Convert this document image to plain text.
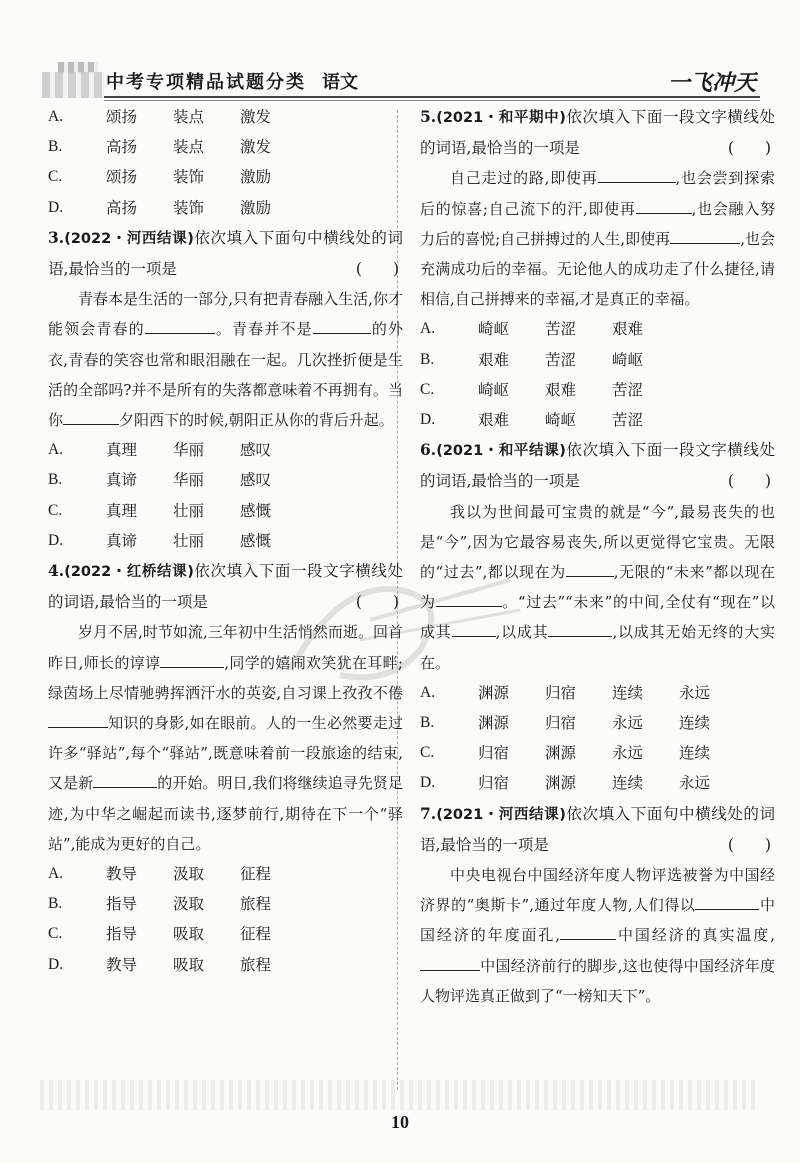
中考专项精品试题分类 语文	一飞冲天
A.	颂扬	装点	激发
B.	高扬	装点	激发
C.	颂扬	装饰	激励
D.	高扬	装饰	激励
3.(2022・河西结课)依次填入下面句中横线处的词语,最恰当的一项是	(　　)
青春本是生活的一部分,只有把青春融入生活,你才能领会青春的	。青春并不是	的外衣,青春的笑容也常和眼泪融在一起。几次挫折便是生活的全部吗?并不是所有的失落都意味着不再拥有。当你	夕阳西下的时候,朝阳正从你的背后升起。
A.	真理	华丽	感叹
B.	真谛	华丽	感叹
C.	真理	壮丽	感慨
D.	真谛	壮丽	感慨
4.(2022・红桥结课)依次填入下面一段文字横线处的词语,最恰当的一项是	(　　)
岁月不居,时节如流,三年初中生活悄然而逝。回首昨日,师长的谆谆	,同学的嬉闹欢笑犹在耳畔;绿茵场上尽情驰骋挥洒汗水的英姿,自习课上孜孜不倦知识的身影,如在眼前。人的一生必然要走过许多“驿站”,每个“驿站”,既意味着前一段旅途的结束,又是新	的开始。明日,我们将继续追寻先贤足迹,为中华之崛起而读书,逐梦前行,期待在下一个“驿站”,能成为更好的自己。
A.	教导	汲取	征程
B.	指导	汲取	旅程
C.	指导	吸取	征程
D.	教导	吸取	旅程
5.(2021・和平期中)依次填入下面一段文字横线处的词语,最恰当的一项是	(　　)
自己走过的路,即使再	,也会尝到探索后的惊喜;自己流下的汗,即使再	,也会融入努力后的喜悦;自己拼搏过的人生,即使再	,也会充满成功后的幸福。无论他人的成功走了什么捷径,请相信,自己拼搏来的幸福,才是真正的幸福。
A.	崎岖	苦涩	艰难
B.	艰难	苦涩	崎岖
C.	崎岖	艰难	苦涩
D.	艰难	崎岖	苦涩
6.(2021・和平结课)依次填入下面一段文字横线处的词语,最恰当的一项是	(　　)
我以为世间最可宝贵的就是“今”,最易丧失的也是“今”,因为它最容易丧失,所以更觉得它宝贵。无限的“过去”,都以现在为	,无限的“未来”都以现在为	。“过去”“未来”的中间,全仗有“现在”以成其	,以成其	,以成其无始无终的大实在。
A.	渊源	归宿	连续	永远
B.	渊源	归宿	永远	连续
C.	归宿	渊源	永远	连续
D.	归宿	渊源	连续	永远
7.(2021・河西结课)依次填入下面句中横线处的词语,最恰当的一项是	(　　)
中央电视台中国经济年度人物评选被誉为中国经济界的“奥斯卡”,通过年度人物,人们得以	中国经济的年度面孔,	中国经济的真实温度,中国经济前行的脚步,这也使得中国经济年度人物评选真正做到了“一榜知天下”。
10
